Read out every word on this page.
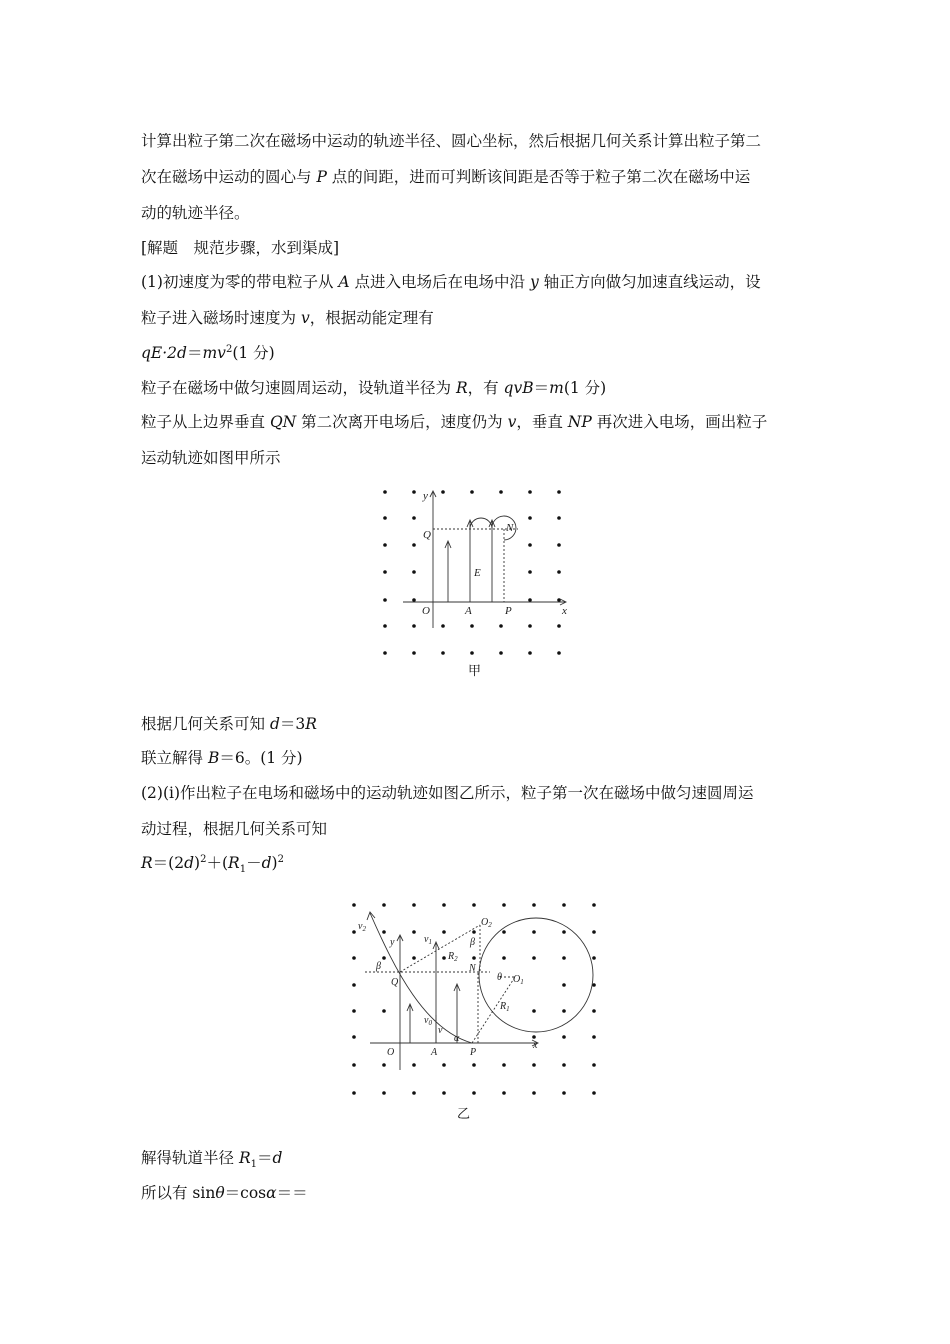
计算出粒子第二次在磁场中运动的轨迹半径、圆心坐标，然后根据几何关系计算出粒子第二
次在磁场中运动的圆心与 P 点的间距，进而可判断该间距是否等于粒子第二次在磁场中运
动的轨迹半径。
[解题　规范步骤，水到渠成]
(1)初速度为零的带电粒子从 A 点进入电场后在电场中沿 y 轴正方向做匀加速直线运动，设
粒子进入磁场时速度为 v，根据动能定理有
$qE\cdot 2d=mv^2(1$ 分)
粒子在磁场中做匀速圆周运动，设轨道半径为 R，有 qvB＝m(1 分)
粒子从上边界垂直 QN 第二次离开电场后，速度仍为 v，垂直 NP 再次进入电场，画出粒子
运动轨迹如图甲所示
y
x
O
Q
N
E
A	P
甲
根据几何关系可知 d＝3R
联立解得 B＝6。(1 分)
(2)(ⅰ)作出粒子在电场和磁场中的运动轨迹如图乙所示，粒子第一次在磁场中做匀速圆周运
动过程，根据几何关系可知
$R=(2d)^2+(R_1-d)^2$
$v_2$
y	$v_1$
$O_2$
β
β
$R_2$
Q
N
θ $O_1$
$R_1$
$v_0$
v
α
A	P
x
O
乙
解得轨道半径 $R_1=d$
所以有 sinθ＝cosα＝＝
